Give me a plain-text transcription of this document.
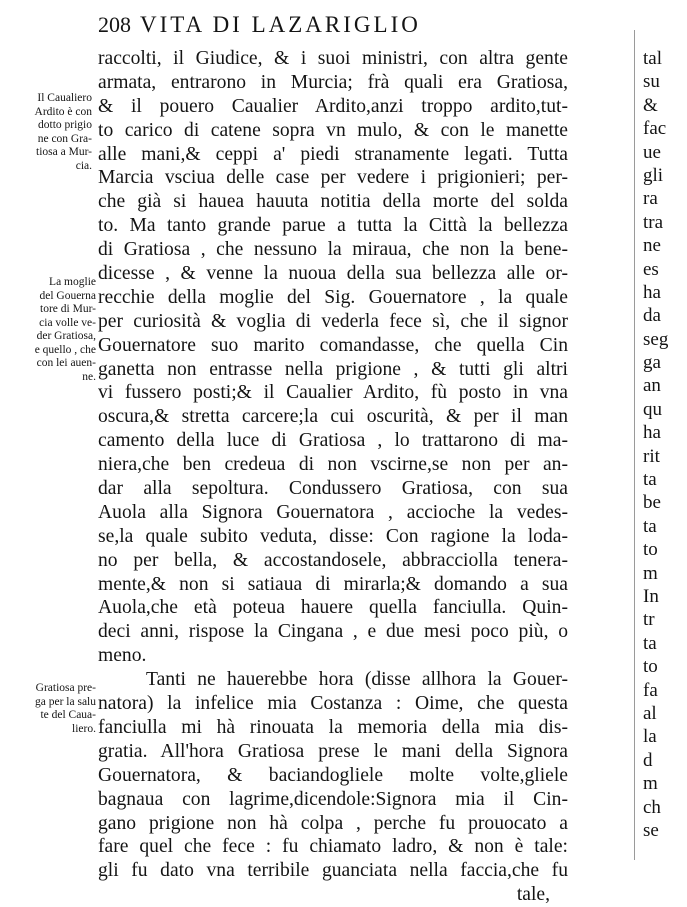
208 VITA DI LAZARIGLIO
Il Caualiero
Ardito è con
dotto prigio
ne con Gra-
tiosa a Mur-
cia.
La moglie
del Gouerna
tore di Mur-
cia volle ve-
der Gratiosa,
e quello , che
con lei auen-
ne.
Gratiosa pre-
ga per la salu
te del Caua-
liero.
raccolti, il Giudice, & i suoi ministri, con altra gente
armata, entrarono in Murcia; frà quali era Gratiosa,
& il pouero Caualier Ardito,anzi troppo ardito,tut-
to carico di catene sopra vn mulo, & con le manette
alle mani,& ceppi a' piedi stranamente legati. Tutta
Marcia vsciua delle case per vedere i prigionieri; per-
che già si hauea hauuta notitia della morte del solda
to. Ma tanto grande parue a tutta la Città la bellezza
di Gratiosa , che nessuno la miraua, che non la bene-
dicesse , & venne la nuoua della sua bellezza alle or-
recchie della moglie del Sig. Gouernatore , la quale
per curiosità & voglia di vederla fece sì, che il signor
Gouernatore suo marito comandasse, che quella Cin
ganetta non entrasse nella prigione , & tutti gli altri
vi fussero posti;& il Caualier Ardito, fù posto in vna
oscura,& stretta carcere;la cui oscurità, & per il man
camento della luce di Gratiosa , lo trattarono di ma-
niera,che ben credeua di non vscirne,se non per an-
dar alla sepoltura. Condussero Gratiosa, con sua
Auola alla Signora Gouernatora , accioche la vedes-
se,la quale subito veduta, disse: Con ragione la loda-
no per bella, & accostandosele, abbracciolla tenera-
mente,& non si satiaua di mirarla;& domando a sua
Auola,che età poteua hauere quella fanciulla. Quin-
deci anni, rispose la Cingana , e due mesi poco più, o
meno.
Tanti ne hauerebbe hora (disse allhora la Gouer-
natora) la infelice mia Costanza : Oime, che questa
fanciulla mi hà rinouata la memoria della mia dis-
gratia. All'hora Gratiosa prese le mani della Signora
Gouernatora, & baciandogliele molte volte,gliele
bagnaua con lagrime,dicendole:Signora mia il Cin-
gano prigione non hà colpa , perche fu prouocato a
fare quel che fece : fu chiamato ladro, & non è tale:
gli fu dato vna terribile guanciata nella faccia,che fu
tale,
tal
su
&
fac
ue
gli
ra
tra
ne
es
ha
da
seg
ga
an
qu
ha
rit
ta
be
ta
to
m
In
tr
ta
to
fa
al
la
d
m
ch
se
